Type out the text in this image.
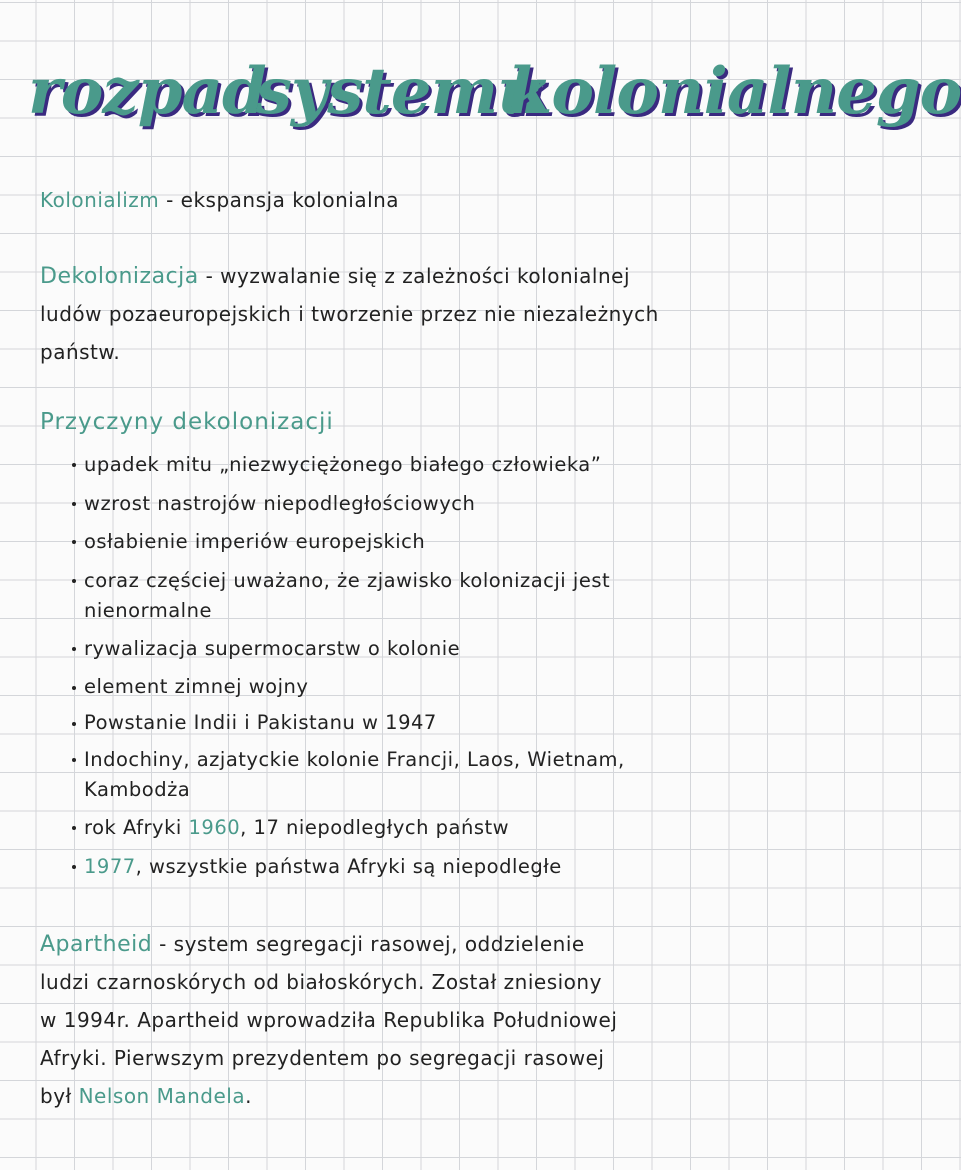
rozpad
systemu
kolonialnego

Kolonializm - ekspansja kolonialna

Dekolonizacja - wyzwalanie się z zależności kolonialnej

ludów pozaeuropejskich i tworzenie przez nie niezależnych

państw.

Przyczyny dekolonizacji

upadek mitu „niezwyciężonego białego człowieka”
wzrost nastrojów niepodległościowych
osłabienie imperiów europejskich
coraz częściej uważano, że zjawisko kolonizacji jest
nienormalne
rywalizacja supermocarstw o kolonie
element zimnej wojny
Powstanie Indii i Pakistanu w 1947
Indochiny, azjatyckie kolonie Francji, Laos, Wietnam,
Kambodża
rok Afryki 1960, 17 niepodległych państw
1977, wszystkie państwa Afryki są niepodległe

Apartheid - system segregacji rasowej, oddzielenie

ludzi czarnoskórych od białoskórych. Został zniesiony

w 1994r. Apartheid wprowadziła Republika Południowej

Afryki. Pierwszym prezydentem po segregacji rasowej

był Nelson Mandela.
